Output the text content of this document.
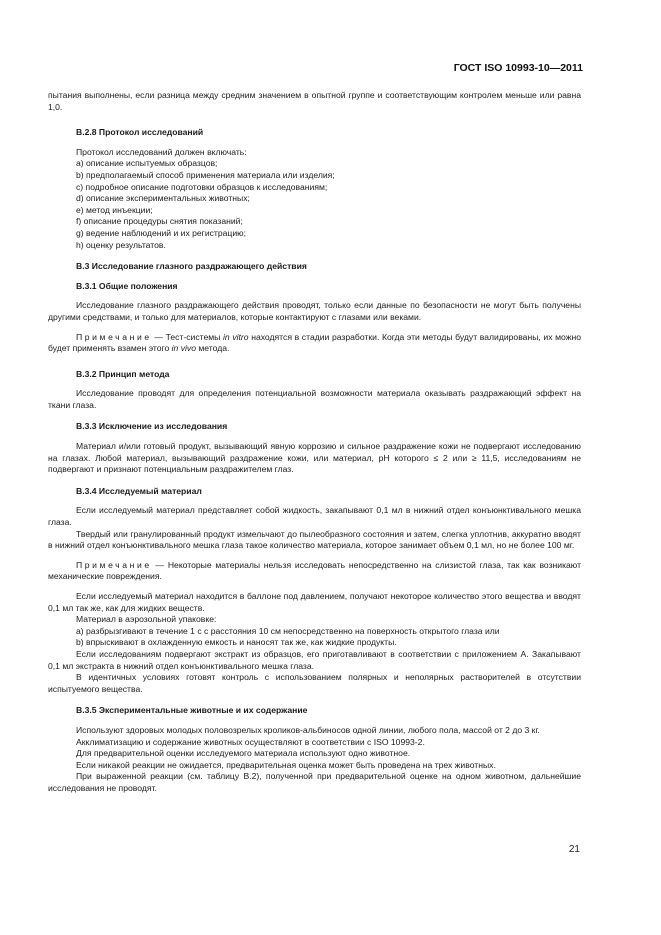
ГОСТ ISO 10993-10—2011

пытания выполнены, если разница между средним значением в опытной группе и соответствующим контролем меньше или равна 1,0.

В.2.8 Протокол исследований

Протокол исследований должен включать:

a) описание испытуемых образцов;

b) предполагаемый способ применения материала или изделия;

c) подробное описание подготовки образцов к исследованиям;

d) описание экспериментальных животных;

e) метод инъекции;

f) описание процедуры снятия показаний;

g) ведение наблюдений и их регистрацию;

h) оценку результатов.

В.3 Исследование глазного раздражающего действия

В.3.1 Общие положения

Исследование глазного раздражающего действия проводят, только если данные по безопасности не могут быть получены другими средствами, и только для материалов, которые контактируют с глазами или веками.

Примечание — Тест-системы in vitro находятся в стадии разработки. Когда эти методы будут валидированы, их можно будет применять взамен этого in vivo метода.

В.3.2 Принцип метода

Исследование проводят для определения потенциальной возможности материала оказывать раздражающий эффект на ткани глаза.

В.3.3 Исключение из исследования

Материал и/или готовый продукт, вызывающий явную коррозию и сильное раздражение кожи не подвергают исследованию на глазах. Любой материал, вызывающий раздражение кожи, или материал, pH которого ≤ 2 или ≥ 11,5, исследованиям не подвергают и признают потенциальным раздражителем глаз.

В.3.4 Исследуемый материал

Если исследуемый материал представляет собой жидкость, закапывают 0,1 мл в нижний отдел конъюнктивального мешка глаза.

Твердый или гранулированный продукт измельчают до пылеобразного состояния и затем, слегка уплотнив, аккуратно вводят в нижний отдел конъюнктивального мешка глаза такое количество материала, которое занимает объем 0,1 мл, но не более 100 мг.

Примечание — Некоторые материалы нельзя исследовать непосредственно на слизистой глаза, так как возникают механические повреждения.

Если исследуемый материал находится в баллоне под давлением, получают некоторое количество этого вещества и вводят 0,1 мл так же, как для жидких веществ.

Материал в аэрозольной упаковке:

a) разбрызгивают в течение 1 с с расстояния 10 см непосредственно на поверхность открытого глаза или

b) впрыскивают в охлажденную емкость и наносят так же, как жидкие продукты.

Если исследованиям подвергают экстракт из образцов, его приготавливают в соответствии с приложением А. Закапывают 0,1 мл экстракта в нижний отдел конъюнктивального мешка глаза.

В идентичных условиях готовят контроль с использованием полярных и неполярных растворителей в отсутствии испытуемого вещества.

В.3.5 Экспериментальные животные и их содержание

Используют здоровых молодых половозрелых кроликов-альбиносов одной линии, любого пола, массой от 2 до 3 кг.

Акклиматизацию и содержание животных осуществляют в соответствии с ISO 10993-2.

Для предварительной оценки исследуемого материала используют одно животное.

Если никакой реакции не ожидается, предварительная оценка может быть проведена на трех животных.

При выраженной реакции (см. таблицу В.2), полученной при предварительной оценке на одном животном, дальнейшие исследования не проводят.

21
